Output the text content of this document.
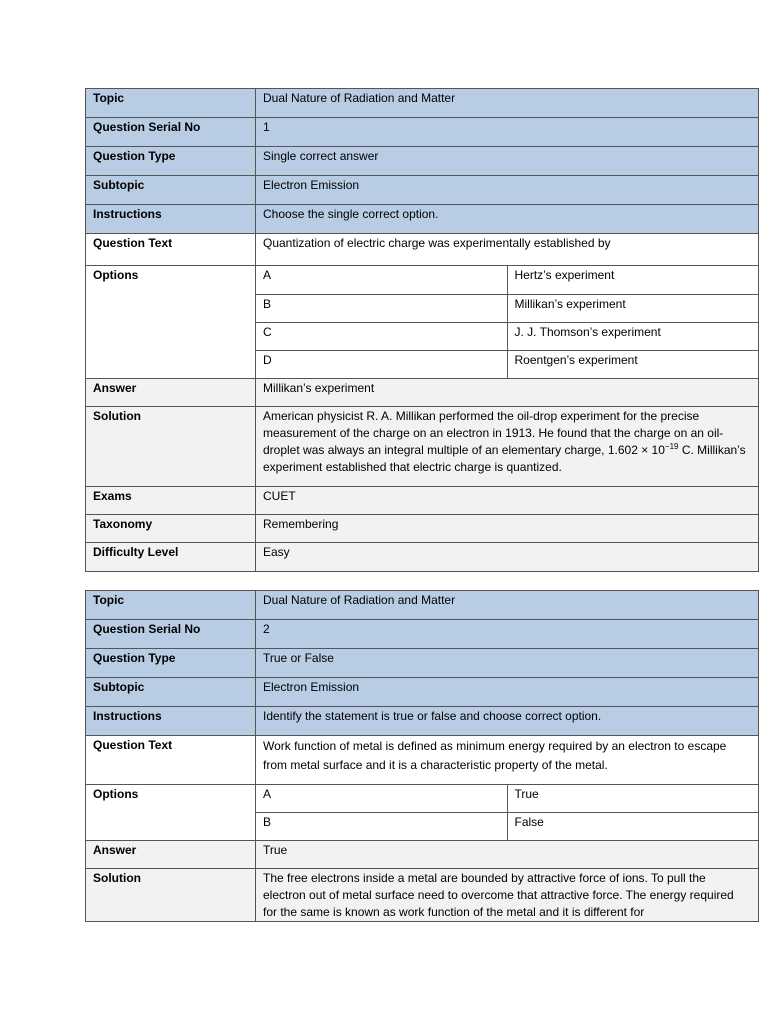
Topic	Dual Nature of Radiation and Matter	
Question Serial No	1	
Question Type	Single correct answer	
Subtopic	Electron Emission	
Instructions	Choose the single correct option.	
Question Text	Quantization of electric charge was experimentally established by	
Options	A	Hertz’s experiment
	B	Millikan’s experiment
	C	J. J. Thomson’s experiment
	D	Roentgen’s experiment
Answer	Millikan’s experiment	
Solution	American physicist R. A. Millikan performed the oil-drop experiment for the precise measurement of the charge on an electron in 1913. He found that the charge on an oil-droplet was always an integral multiple of an elementary charge, $1.602 \times 10^{-19}$ C. Millikan’s experiment established that electric charge is quantized.	
Exams	CUET	
Taxonomy	Remembering	
Difficulty Level	Easy	
Topic	Dual Nature of Radiation and Matter	
Question Serial No	2	
Question Type	True or False	
Subtopic	Electron Emission	
Instructions	Identify the statement is true or false and choose correct option.	
Question Text	Work function of metal is defined as minimum energy required by an electron to escape from metal surface and it is a characteristic property of the metal.	
Options	A	True
	B	False
Answer	True	
Solution	The free electrons inside a metal are bounded by attractive force of ions. To pull the electron out of metal surface need to overcome that attractive force. The energy required for the same is known as work function of the metal and it is different for	
